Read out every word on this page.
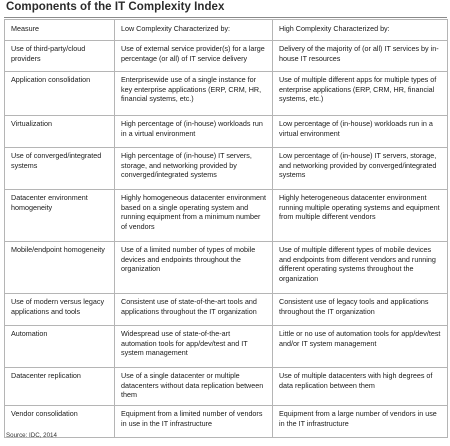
Components of the IT Complexity Index
Measure	Low Complexity Characterized by:	High Complexity Characterized by:
Use of third-party/cloud providers	Use of external service provider(s) for a large percentage (or all) of IT service delivery	Delivery of the majority of (or all) IT services by in-house IT resources
Application consolidation	Enterprisewide use of a single instance for key enterprise applications (ERP, CRM, HR, financial systems, etc.)	Use of multiple different apps for multiple types of enterprise applications (ERP, CRM, HR, financial systems, etc.)
Virtualization	High percentage of (in-house) workloads run in a virtual environment	Low percentage of (in-house) workloads run in a virtual environment
Use of converged/integrated systems	High percentage of (in-house) IT servers, storage, and networking provided by converged/integrated systems	Low percentage of (in-house) IT servers, storage, and networking provided by converged/integrated systems
Datacenter environment homogeneity	Highly homogeneous datacenter environment based on a single operating system and running equipment from a minimum number of vendors	Highly heterogeneous datacenter environment running multiple operating systems and equipment from multiple different vendors
Mobile/endpoint homogeneity	Use of a limited number of types of mobile devices and endpoints throughout the organization	Use of multiple different types of mobile devices and endpoints from different vendors and running different operating systems throughout the organization
Use of modern versus legacy applications and tools	Consistent use of state-of-the-art tools and applications throughout the IT organization	Consistent use of legacy tools and applications throughout the IT organization
Automation	Widespread use of state-of-the-art automation tools for app/dev/test and IT system management	Little or no use of automation tools for app/dev/test and/or IT system management
Datacenter replication	Use of a single datacenter or multiple datacenters without data replication between them	Use of multiple datacenters with high degrees of data replication between them
Vendor consolidation	Equipment from a limited number of vendors in use in the IT infrastructure	Equipment from a large number of vendors in use in the IT infrastructure
Source: IDC, 2014
